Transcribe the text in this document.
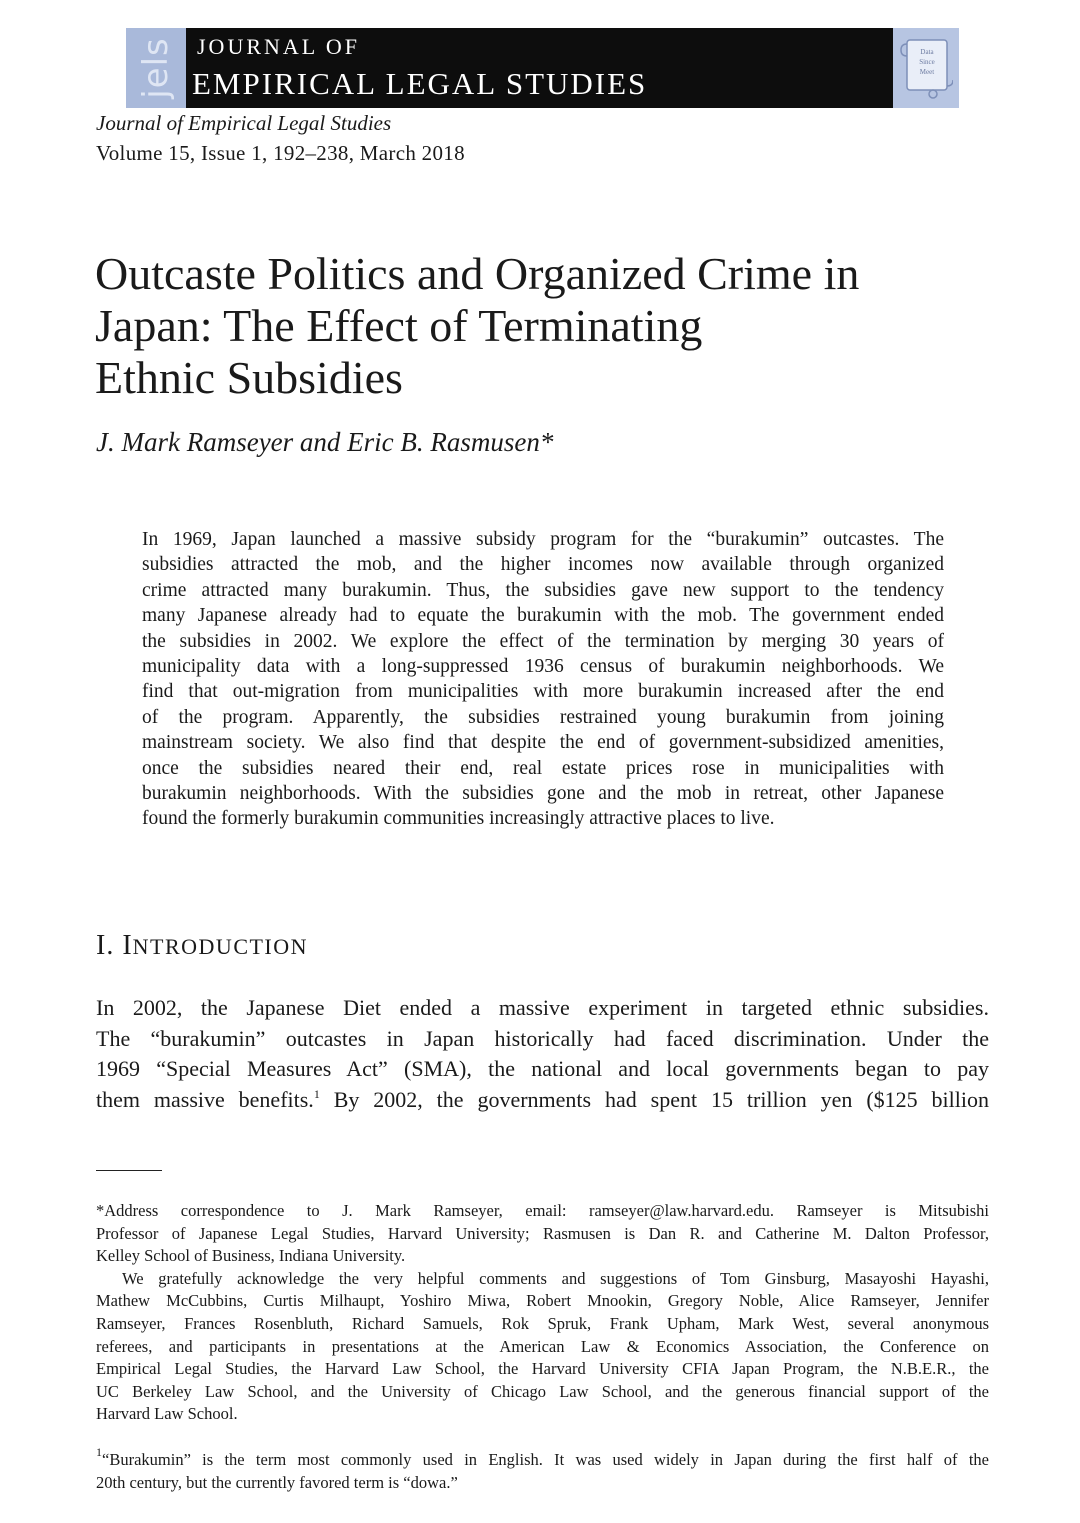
jels JOURNAL OF
EMPIRICAL LEGAL STUDIES
Data
Since
Meet
Journal of Empirical Legal Studies
Volume 15, Issue 1, 192–238, March 2018
Outcaste Politics and Organized Crime in
Japan: The Effect of Terminating
Ethnic Subsidies
J. Mark Ramseyer and Eric B. Rasmusen*
In 1969, Japan launched a massive subsidy program for the “burakumin” outcastes. The
subsidies attracted the mob, and the higher incomes now available through organized
crime attracted many burakumin. Thus, the subsidies gave new support to the tendency
many Japanese already had to equate the burakumin with the mob. The government ended
the subsidies in 2002. We explore the effect of the termination by merging 30 years of
municipality data with a long-suppressed 1936 census of burakumin neighborhoods. We
find that out-migration from municipalities with more burakumin increased after the end
of the program. Apparently, the subsidies restrained young burakumin from joining
mainstream society. We also find that despite the end of government-subsidized amenities,
once the subsidies neared their end, real estate prices rose in municipalities with
burakumin neighborhoods. With the subsidies gone and the mob in retreat, other Japanese
found the formerly burakumin communities increasingly attractive places to live.
I. INTRODUCTION
In 2002, the Japanese Diet ended a massive experiment in targeted ethnic subsidies.
The “burakumin” outcastes in Japan historically had faced discrimination. Under the
1969 “Special Measures Act” (SMA), the national and local governments began to pay
them massive benefits.$^1$ By 2002, the governments had spent 15 trillion yen ($125 billion
*Address correspondence to J. Mark Ramseyer, email: ramseyer@law.harvard.edu. Ramseyer is Mitsubishi
Professor of Japanese Legal Studies, Harvard University; Rasmusen is Dan R. and Catherine M. Dalton Professor,
Kelley School of Business, Indiana University.
We gratefully acknowledge the very helpful comments and suggestions of Tom Ginsburg, Masayoshi Hayashi,
Mathew McCubbins, Curtis Milhaupt, Yoshiro Miwa, Robert Mnookin, Gregory Noble, Alice Ramseyer, Jennifer
Ramseyer, Frances Rosenbluth, Richard Samuels, Rok Spruk, Frank Upham, Mark West, several anonymous
referees, and participants in presentations at the American Law & Economics Association, the Conference on
Empirical Legal Studies, the Harvard Law School, the Harvard University CFIA Japan Program, the N.B.E.R., the
UC Berkeley Law School, and the University of Chicago Law School, and the generous financial support of the
Harvard Law School.
$^1$“Burakumin” is the term most commonly used in English. It was used widely in Japan during the first half of the
20th century, but the currently favored term is “dowa.”
